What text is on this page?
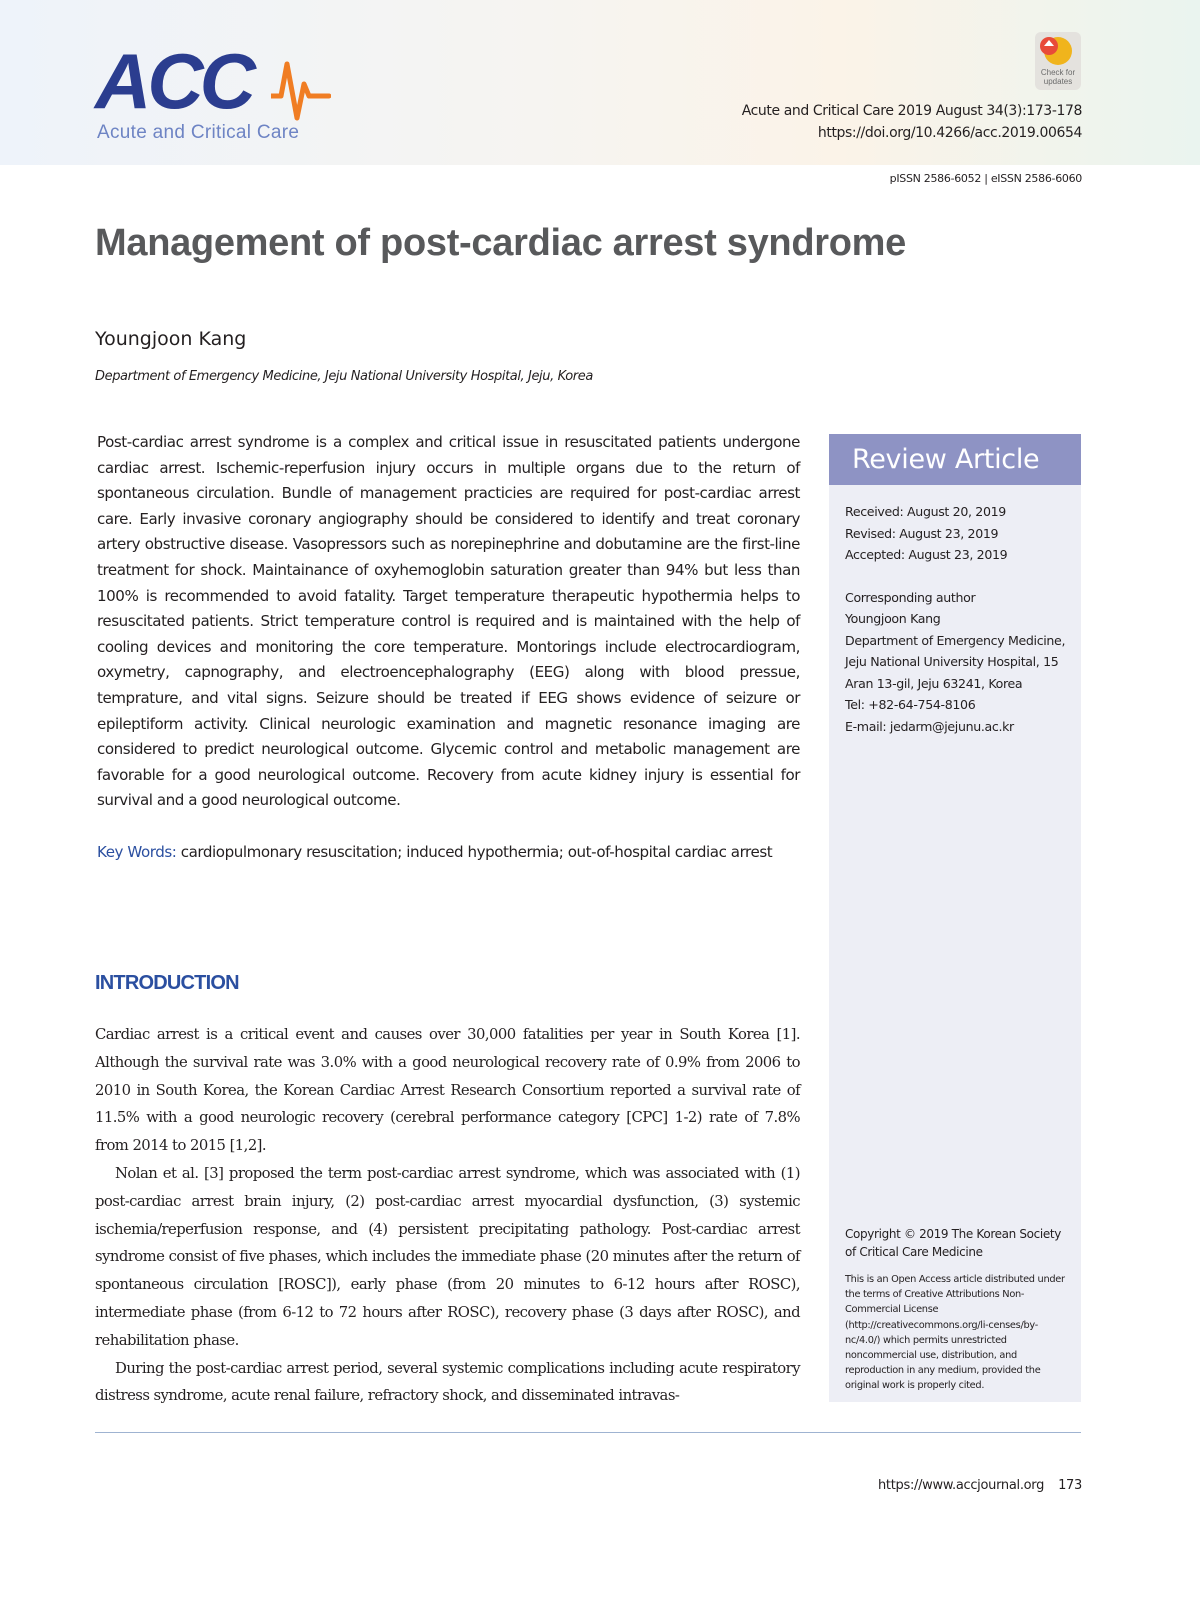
ACC
Acute and Critical Care
Check for updates
Acute and Critical Care 2019 August 34(3):173-178
https://doi.org/10.4266/acc.2019.00654
pISSN 2586-6052 | eISSN 2586-6060
Management of post-cardiac arrest syndrome
Youngjoon Kang
Department of Emergency Medicine, Jeju National University Hospital, Jeju, Korea

Post-cardiac arrest syndrome is a complex and critical issue in resuscitated patients undergone cardiac arrest. Ischemic-reperfusion injury occurs in multiple organs due to the return of spontaneous circulation. Bundle of management practicies are required for post-cardiac arrest care. Early invasive coronary angiography should be considered to identify and treat coronary artery obstructive disease. Vasopressors such as norepinephrine and dobutamine are the first-line treatment for shock. Maintainance of oxyhemoglobin saturation greater than 94% but less than 100% is recommended to avoid fatality. Target temperature therapeutic hypothermia helps to resuscitated patients. Strict temperature control is required and is maintained with the help of cooling devices and monitoring the core temperature. Montorings include electrocardiogram, oxymetry, capnography, and electroencephalography (EEG) along with blood pressue, temprature, and vital signs. Seizure should be treated if EEG shows evidence of seizure or epileptiform activity. Clinical neurologic examination and magnetic resonance imaging are considered to predict neurological outcome. Glycemic control and metabolic management are favorable for a good neurological outcome. Recovery from acute kidney injury is essential for survival and a good neurological outcome.

Key Words: cardiopulmonary resuscitation; induced hypothermia; out-of-hospital cardiac arrest

Review Article
Received: August 20, 2019
Revised: August 23, 2019
Accepted: August 23, 2019
Corresponding author
Youngjoon Kang
Department of Emergency Medicine,
Jeju National University Hospital, 15
Aran 13-gil, Jeju 63241, Korea
Tel: +82-64-754-8106
E-mail: jedarm@jejunu.ac.kr
Copyright © 2019 The Korean Society of Critical Care Medicine
This is an Open Access article distributed under the terms of Creative Attributions Non-Commercial License (http://creativecommons.org/li-censes/by-nc/4.0/) which permits unrestricted noncommercial use, distribution, and reproduction in any medium, provided the original work is properly cited.
INTRODUCTION

Cardiac arrest is a critical event and causes over 30,000 fatalities per year in South Korea [1]. Although the survival rate was 3.0% with a good neurological recovery rate of 0.9% from 2006 to 2010 in South Korea, the Korean Cardiac Arrest Research Consortium reported a survival rate of 11.5% with a good neurologic recovery (cerebral performance category [CPC] 1-2) rate of 7.8% from 2014 to 2015 [1,2].

Nolan et al. [3] proposed the term post-cardiac arrest syndrome, which was associated with (1) post-cardiac arrest brain injury, (2) post-cardiac arrest myocardial dysfunction, (3) systemic ischemia/reperfusion response, and (4) persistent precipitating pathology. Post-cardiac arrest syndrome consist of five phases, which includes the immediate phase (20 minutes after the return of spontaneous circulation [ROSC]), early phase (from 20 minutes to 6-12 hours after ROSC), intermediate phase (from 6-12 to 72 hours after ROSC), recovery phase (3 days after ROSC), and rehabilitation phase.

During the post-cardiac arrest period, several systemic complications including acute respiratory distress syndrome, acute renal failure, refractory shock, and disseminated intravas-

https://www.accjournal.org 173
